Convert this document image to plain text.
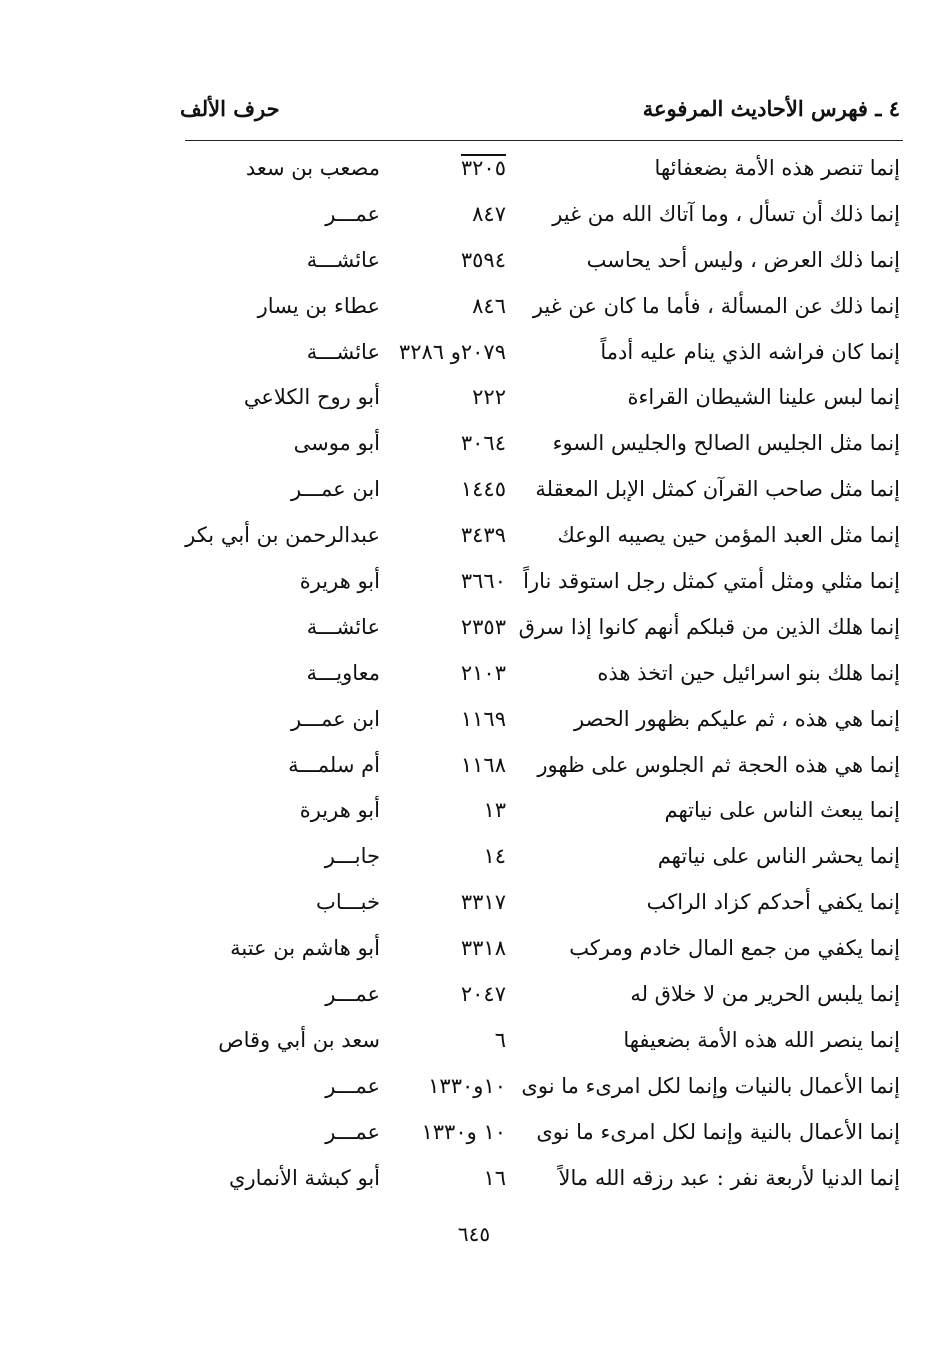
٤ ـ فهرس الأحاديث المرفوعة
حرف الألف
إنما تنصر هذه الأمة بضعفائها
٣٢٠٥
مصعب بن سعد
إنما ذلك أن تسأل ، وما آتاك الله من غير
٨٤٧
عمـــر
إنما ذلك العرض ، وليس أحد يحاسب
٣٥٩٤
عائشـــة
إنما ذلك عن المسألة ، فأما ما كان عن غير
٨٤٦
عطاء بن يسار
إنما كان فراشه الذي ينام عليه أدماً
٢٠٧٩و ٣٢٨٦
عائشـــة
إنما لبس علينا الشيطان القراءة
٢٢٢
أبو روح الكلاعي
إنما مثل الجليس الصالح والجليس السوء
٣٠٦٤
أبو موسى
إنما مثل صاحب القرآن كمثل الإبل المعقلة
١٤٤٥
ابن عمـــر
إنما مثل العبد المؤمن حين يصيبه الوعك
٣٤٣٩
عبدالرحمن بن أبي بكر
إنما مثلي ومثل أمتي كمثل رجل استوقد ناراً
٣٦٦٠
أبو هريرة
إنما هلك الذين من قبلكم أنهم كانوا إذا سرق
٢٣٥٣
عائشـــة
إنما هلك بنو اسرائيل حين اتخذ هذه
٢١٠٣
معاويـــة
إنما هي هذه ، ثم عليكم بظهور الحصر
١١٦٩
ابن عمـــر
إنما هي هذه الحجة ثم الجلوس على ظهور
١١٦٨
أم سلمـــة
إنما يبعث الناس على نياتهم
١٣
أبو هريرة
إنما يحشر الناس على نياتهم
١٤
جابـــر
إنما يكفي أحدكم كزاد الراكب
٣٣١٧
خبـــاب
إنما يكفي من جمع المال خادم ومركب
٣٣١٨
أبو هاشم بن عتبة
إنما يلبس الحرير من لا خلاق له
٢٠٤٧
عمـــر
إنما ينصر الله هذه الأمة بضعيفها
٦
سعد بن أبي وقاص
إنما الأعمال بالنيات وإنما لكل امرىء ما نوى
١٠و١٣٣٠
عمـــر
إنما الأعمال بالنية وإنما لكل امرىء ما نوى
١٠ و١٣٣٠
عمـــر
إنما الدنيا لأربعة نفر : عبد رزقه الله مالاً
١٦
أبو كبشة الأنماري
٦٤٥
